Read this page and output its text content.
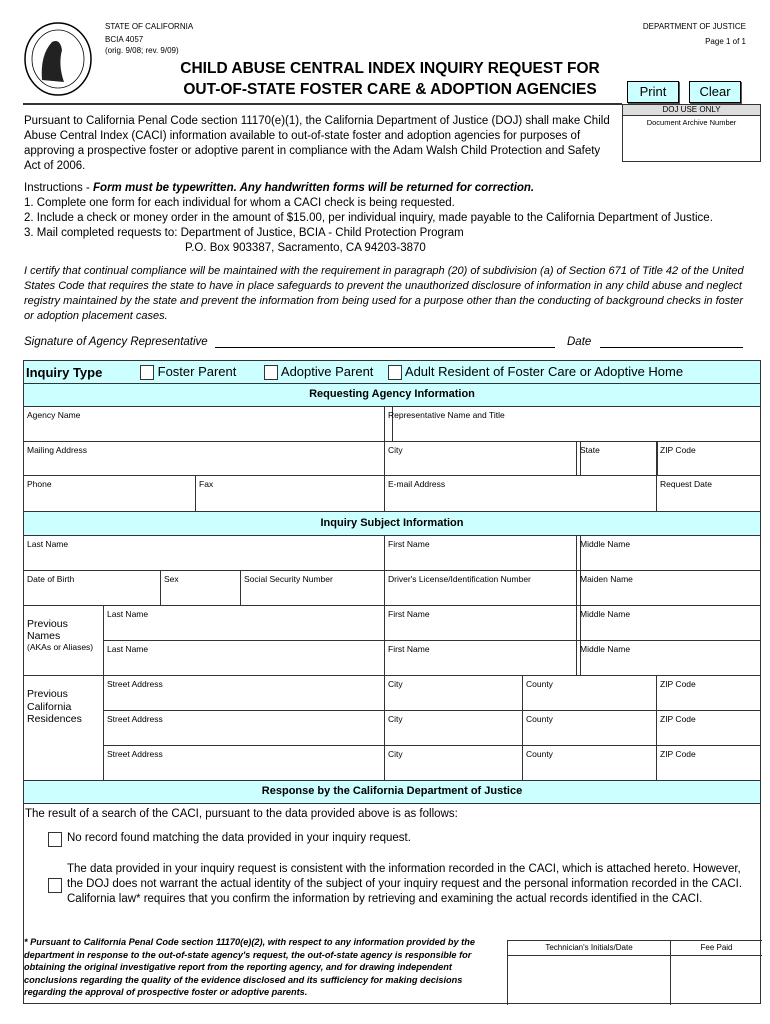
STATE OF CALIFORNIA
BCIA 4057
(orig. 9/08; rev. 9/09)
DEPARTMENT OF JUSTICE
Page 1 of 1
CHILD ABUSE CENTRAL INDEX INQUIRY REQUEST FOR
OUT-OF-STATE FOSTER CARE & ADOPTION AGENCIES	Print	Clear
DOJ USE ONLY
Document Archive Number
Pursuant to California Penal Code section 11170(e)(1), the California Department of Justice (DOJ) shall make Child Abuse Central Index (CACI) information available to out-of-state foster and adoption agencies for purposes of approving a prospective foster or adoptive parent in compliance with the Adam Walsh Child Protection and Safety Act of 2006.
Instructions - Form must be typewritten. Any handwritten forms will be returned for correction.
1. Complete one form for each individual for whom a CACI check is being requested.
2. Include a check or money order in the amount of $15.00, per individual inquiry, made payable to the California Department of Justice.
3. Mail completed requests to: Department of Justice, BCIA - Child Protection Program
P.O. Box 903387, Sacramento, CA 94203-3870
I certify that continual compliance will be maintained with the requirement in paragraph (20) of subdivision (a) of Section 671 of Title 42 of the United States Code that requires the state to have in place safeguards to prevent the unauthorized disclosure of information in any child abuse and neglect registry maintained by the state and prevent the information from being used for a purpose other than the conducting of background checks in foster or adoption placement cases.
Signature of Agency Representative	Date
Inquiry Type	Foster Parent	Adoptive Parent	Adult Resident of Foster Care or Adoptive Home
Requesting Agency Information
Agency Name	Representative Name and Title
Mailing Address	City	State	ZIP Code
Phone	Fax	E-mail Address	Request Date
Inquiry Subject Information
Last Name	First Name	Middle Name
Date of Birth	Sex	Social Security Number	Driver's License/Identification Number	Maiden Name
Previous Names
(AKAs or Aliases)
Last Name	First Name	Middle Name
Last Name	First Name	Middle Name
Previous California Residences
Street Address	City	County	ZIP Code
Street Address	City	County	ZIP Code
Street Address	City	County	ZIP Code
Response by the California Department of Justice
The result of a search of the CACI, pursuant to the data provided above is as follows:
No record found matching the data provided in your inquiry request.
The data provided in your inquiry request is consistent with the information recorded in the CACI, which is attached hereto. However, the DOJ does not warrant the actual identity of the subject of your inquiry request and the personal information recorded in the CACI. California law* requires that you confirm the information by retrieving and examining the actual records identified in the CACI.
* Pursuant to California Penal Code section 11170(e)(2), with respect to any information provided by the department in response to the out-of-state agency's request, the out-of-state agency is responsible for obtaining the original investigative report from the reporting agency, and for drawing independent conclusions regarding the quality of the evidence disclosed and its sufficiency for making decisions regarding the approval of prospective foster or adoptive parents.
Technician's Initials/Date	Fee Paid
